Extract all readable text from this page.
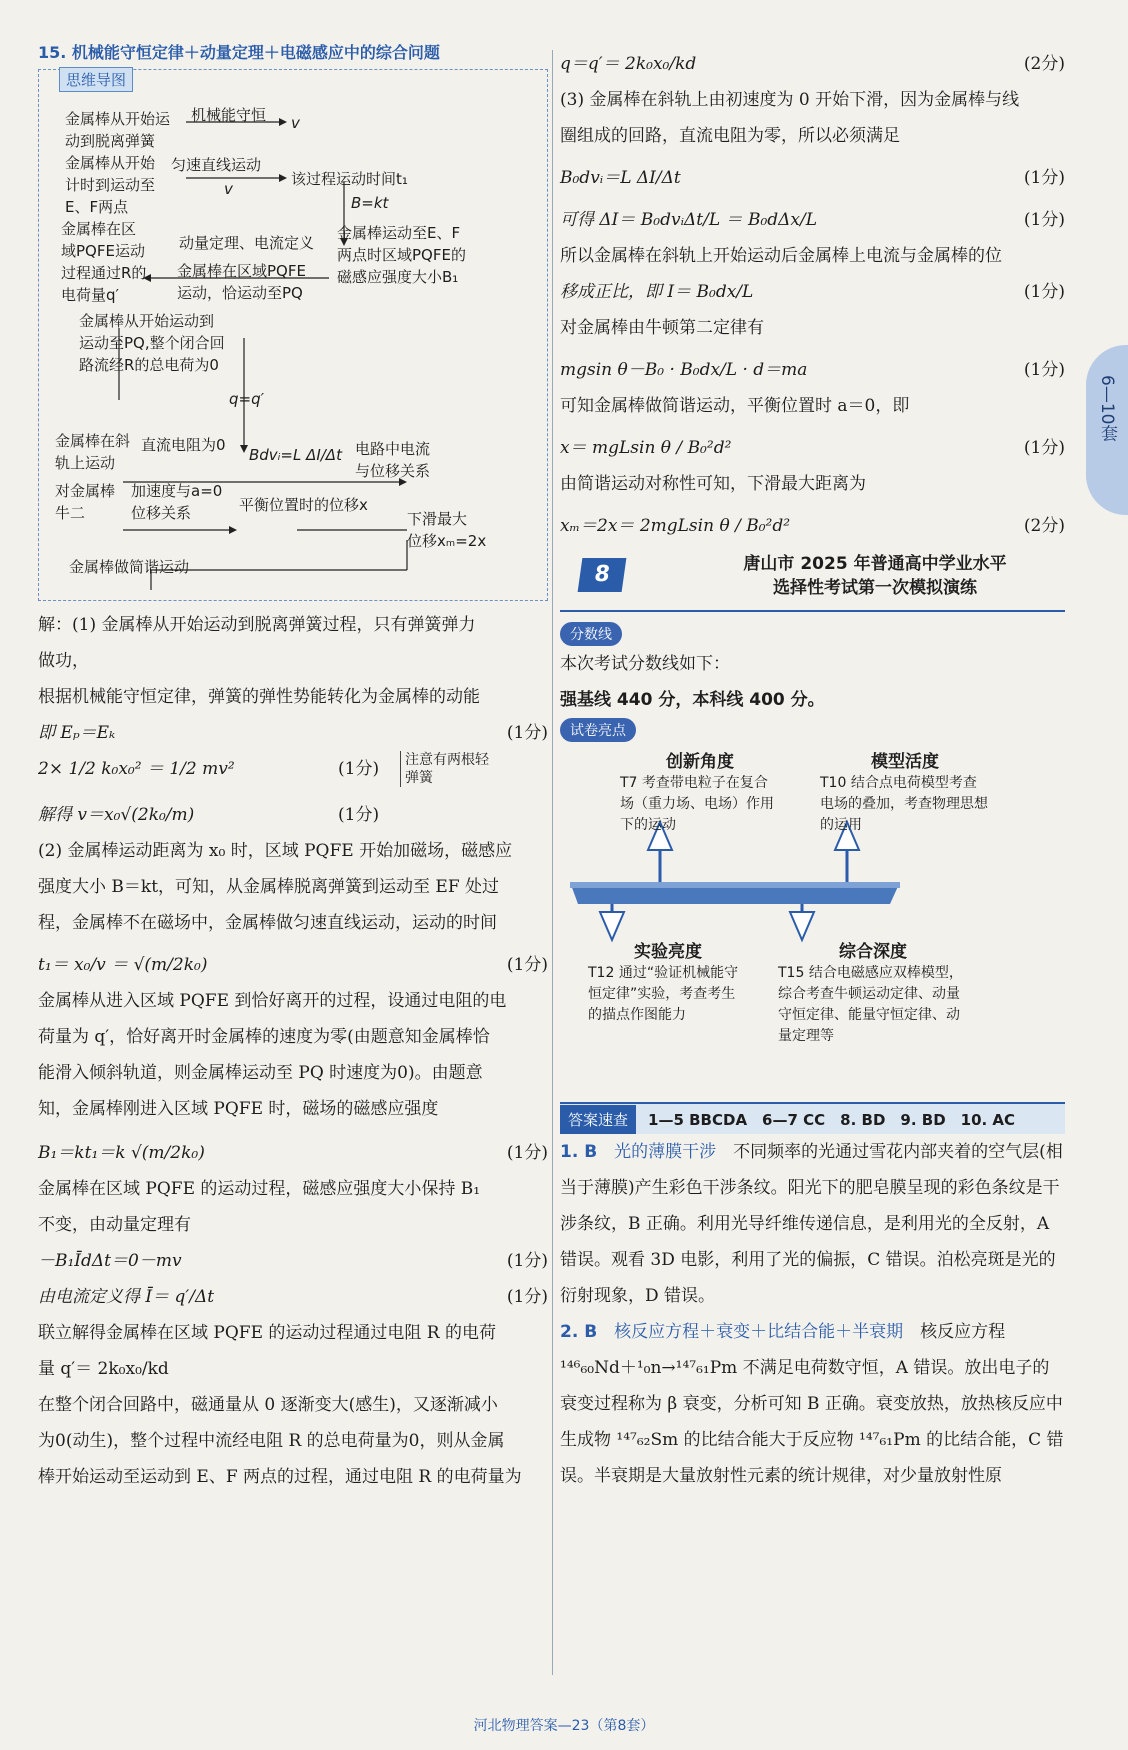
15. 机械能守恒定律＋动量定理＋电磁感应中的综合问题
思维导图
金属棒从开始运
动到脱离弹簧
机械能守恒 v
金属棒从开始
计时到运动至
E、F两点
匀速直线运动
v
该过程运动时间t₁
B=kt
金属棒在区
域PQFE运动
过程通过R的
电荷量q′
动量定理、电流定义
金属棒在区域PQFE
运动，恰运动至PQ
金属棒运动至E、F
两点时区域PQFE的
磁感应强度大小B₁
金属棒从开始运动到
运动至PQ,整个闭合回
路流经R的总电荷为0
q=q′
金属棒在斜
轨上运动
直流电阻为0
Bdvᵢ=L ΔI/Δt 电路中电流
与位移关系
对金属棒
牛二
加速度与a=0
位移关系	平衡位置时的位移x
下滑最大
位移xₘ=2x
金属棒做简谐运动
解：(1) 金属棒从开始运动到脱离弹簧过程，只有弹簧弹力
做功，
根据机械能守恒定律，弹簧的弹性势能转化为金属棒的动能
即 Eₚ＝Eₖ	(1分)
2× 1/2 k₀x₀² ＝ 1/2 mv²	(1分)	注意有两根轻弹簧
解得 v＝x₀√(2k₀/m)	(1分)
(2) 金属棒运动距离为 x₀ 时，区域 PQFE 开始加磁场，磁感应
强度大小 B＝kt，可知，从金属棒脱离弹簧到运动至 EF 处过
程，金属棒不在磁场中，金属棒做匀速直线运动，运动的时间
t₁＝ x₀/v ＝ √(m/2k₀)	(1分)
金属棒从进入区域 PQFE 到恰好离开的过程，设通过电阻的电
荷量为 q′，恰好离开时金属棒的速度为零(由题意知金属棒恰
能滑入倾斜轨道，则金属棒运动至 PQ 时速度为0)。由题意
知，金属棒刚进入区域 PQFE 时，磁场的磁感应强度
B₁＝kt₁＝k √(m/2k₀)	(1分)
金属棒在区域 PQFE 的运动过程，磁感应强度大小保持 B₁
不变，由动量定理有
－B₁ĪdΔt＝0－mv	(1分)
由电流定义得 Ī＝ q′/Δt	(1分)
联立解得金属棒在区域 PQFE 的运动过程通过电阻 R 的电荷
量 q′＝ 2k₀x₀/kd
在整个闭合回路中，磁通量从 0 逐渐变大(感生)，又逐渐减小
为0(动生)，整个过程中流经电阻 R 的总电荷量为0，则从金属
棒开始运动至运动到 E、F 两点的过程，通过电阻 R 的电荷量为
q＝q′＝ 2k₀x₀/kd	(2分)
(3) 金属棒在斜轨上由初速度为 0 开始下滑，因为金属棒与线
圈组成的回路，直流电阻为零，所以必须满足
B₀dvᵢ＝L ΔI/Δt	(1分)
可得 ΔI＝ B₀dvᵢΔt/L ＝ B₀dΔx/L	(1分)
所以金属棒在斜轨上开始运动后金属棒上电流与金属棒的位
移成正比，即 I＝ B₀dx/L	(1分)
对金属棒由牛顿第二定律有
mgsin θ－B₀ · B₀dx/L · d＝ma	(1分)
可知金属棒做简谐运动，平衡位置时 a＝0，即
x＝ mgLsin θ / B₀²d²	(1分)
由简谐运动对称性可知，下滑最大距离为
xₘ＝2x＝ 2mgLsin θ / B₀²d²	(2分)
8	唐山市 2025 年普通高中学业水平
选择性考试第一次模拟演练
分数线
本次考试分数线如下：
强基线 440 分，本科线 400 分。
试卷亮点
创新角度
T7 考查带电粒子在复合场（重力场、电场）作用下的运动
模型活度
T10 结合点电荷模型考查电场的叠加，考查物理思想的运用
实验亮度
T12 通过“验证机械能守恒定律”实验，考查考生的描点作图能力
综合深度
T15 结合电磁感应双棒模型，综合考查牛顿运动定律、动量守恒定律、能量守恒定律、动量定理等
答案速查	1—5 BBCDA　6—7 CC　8. BD　9. BD　10. AC
1. B　 光的薄膜干涉　 不同频率的光通过雪花内部夹着的空气层(相当于薄膜)产生彩色干涉条纹。阳光下的肥皂膜呈现的彩色条纹是干涉条纹，B 正确。利用光导纤维传递信息，是利用光的全反射，A 错误。观看 3D 电影，利用了光的偏振，C 错误。泊松亮斑是光的衍射现象，D 错误。
2. B　 核反应方程＋衰变＋比结合能＋半衰期　 核反应方程 ¹⁴⁶₆₀Nd＋¹₀n→¹⁴⁷₆₁Pm 不满足电荷数守恒，A 错误。放出电子的衰变过程称为 β 衰变，分析可知 B 正确。衰变放热，放热核反应中生成物 ¹⁴⁷₆₂Sm 的比结合能大于反应物 ¹⁴⁷₆₁Pm 的比结合能，C 错误。半衰期是大量放射性元素的统计规律，对少量放射性原
6—10套
河北物理答案—23（第8套）
